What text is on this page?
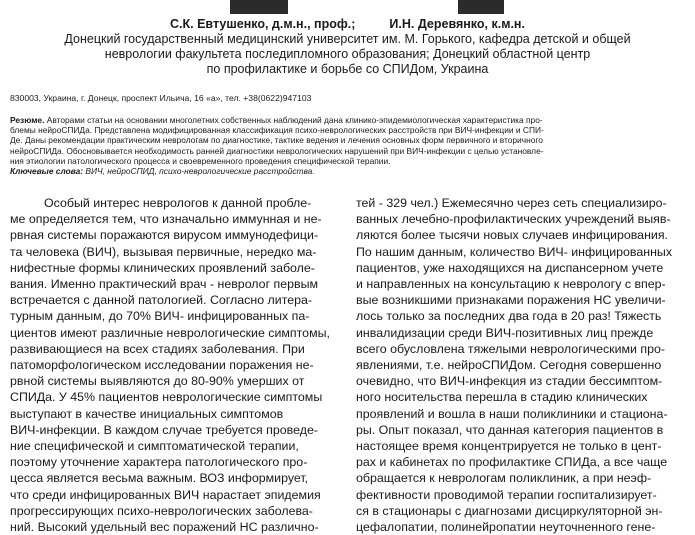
С.К. Евтушенко, д.м.н., проф.;	И.Н. Деревянко, к.м.н.
Донецкий государственный медицинский университет им. М. Горького, кафедра детской и общей
неврологии факультета последипломного образования; Донецкий областной центр
по профилактике и борьбе со СПИДом, Украина
830003, Украина, г. Донецк, проспект Ильича, 16 «а», тел. +38(0622)947103
Резюме. Авторами статьи на основании многолетних собственных наблюдений дана клинико-эпидемиологическая характеристика про-
блемы нейроСПИДа. Представлена модифицированная классификация психо-неврологических расстройств при ВИЧ-инфекции и СПИ-
Де. Даны рекомендации практическим неврологам по диагностике, тактике ведения и лечения основных форм первичного и вторичного
нейроСПИДа. Обосновывается необходимость ранней диагностики неврологических нарушений при ВИЧ-инфекции с целью установле-
ния этиологии патологического процесса и своевременного проведения специфической терапии.
Ключевые слова: ВИЧ, нейроСПИД, психо-неврологические расстройства.
Особый интерес неврологов к данной пробле-
ме определяется тем, что изначально иммунная и не-
рвная системы поражаются вирусом иммунодефици-
та человека (ВИЧ), вызывая первичные, нередко ма-
нифестные формы клинических проявлений заболе-
вания. Именно практический врач - невролог первым
встречается с данной патологией. Согласно литера-
турным данным, до 70% ВИЧ- инфицированных па-
циентов имеют различные неврологические симптомы,
развивающиеся на всех стадиях заболевания. При
патоморфологическом исследовании поражения не-
рвной системы выявляются до 80-90% умерших от
СПИДа. У 45% пациентов неврологические симптомы
выступают в качестве инициальных симптомов
ВИЧ-инфекции. В каждом случае требуется проведе-
ние специфической и симптоматической терапии,
поэтому уточнение характера патологического про-
цесса является весьма важным. ВОЗ информирует,
что среди инфицированных ВИЧ нарастает эпидемия
прогрессирующих психо-неврологических заболева-
ний. Высокий удельный вес поражений НС различно-
тей - 329 чел.) Ежемесячно через сеть специализиро-
ванных лечебно-профилактических учреждений выяв-
ляются более тысячи новых случаев инфицирования.
По нашим данным, количество ВИЧ- инфицированных
пациентов, уже находящихся на диспансерном учете
и направленных на консультацию к неврологу с впер-
вые возникшими признаками поражения НС увеличи-
лось только за последних два года в 20 раз! Тяжесть
инвалидизации среди ВИЧ-позитивных лиц прежде
всего обусловлена тяжелыми неврологическими про-
явлениями, т.е. нейроСПИДом. Сегодня совершенно
очевидно, что ВИЧ-инфекция из стадии бессимптом-
ного носительства перешла в стадию клинических
проявлений и вошла в наши поликлиники и стациона-
ры. Опыт показал, что данная категория пациентов в
настоящее время концентрируется не только в цент-
рах и кабинетах по профилактике СПИДа, а все чаще
обращается к неврологам поликлиник, а при неэф-
фективности проводимой терапии госпитализирует-
ся в стационары с диагнозами дисциркуляторной эн-
цефалопатии, полинейропатии неуточненного гене-
